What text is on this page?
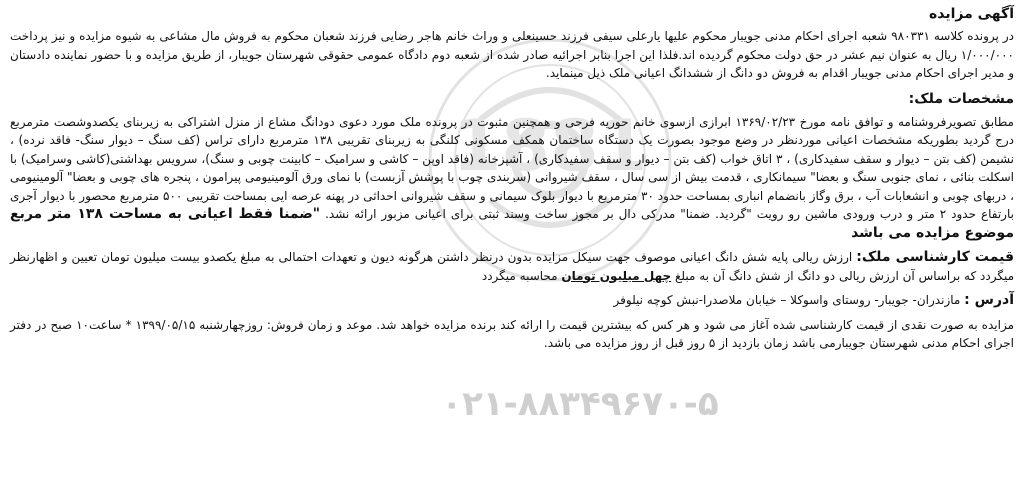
1881
۰۲۱-۸۸۳۴۹۶۷۰-۵
آگهی مزایده

در پرونده کلاسه ۹۸۰۳۳۱ شعبه اجرای احکام مدنی جویبار محکوم علیها یارعلی سیفی فرزند حسینعلی و وراث خانم هاجر رضایی فرزند شعبان محکوم به فروش مال مشاعی به شیوه مزایده و نیز پرداخت ۱/۰۰۰/۰۰۰ ریال به عنوان نیم عشر در حق دولت محکوم گردیده اند.فلذا این اجرا بنابر اجرائیه صادر شده از شعبه دوم دادگاه عمومی حقوقی شهرستان جویبار، از طریق مزایده و با حضور نماینده دادستان و مدیر اجرای احکام مدنی جویبار اقدام به فروش دو دانگ از ششدانگ اعیانی ملک ذیل مینماید.

مشخصات ملک:

مطابق تصویرفروشنامه و توافق نامه مورخ ۱۳۶۹/۰۲/۲۳ ابرازی ازسوی خانم حوریه فرحی و همچنین مثبوت در پرونده ملک مورد دعوی دودانگ مشاع از منزل اشتراکی به زیربنای یکصدوشصت مترمربع درج گردید بطوریکه مشخصات اعیانی موردنظر در وضع موجود بصورت یک دستگاه ساختمان همکف مسکونی کلنگی به زیربنای تقریبی ۱۳۸ مترمربع دارای تراس (کف سنگ – دیوار سنگ- فاقد نرده) ، نشیمن (کف بتن – دیوار و سقف سفیدکاری) ، ۳ اتاق خواب (کف بتن – دیوار و سقف سفیدکاری) ، آشپزخانه (فاقد اوپن – کاشی و سرامیک – کابینت چوبی و سنگ)، سرویس بهداشتی(کاشی وسرامیک) با اسکلت بنائی ، نمای جنوبی سنگ و بعضا" سیمانکاری ، قدمت بیش از سی سال ، سقف شیروانی (سربندی چوب با پوشش آزبست) با نمای ورق آلومینیومی پیرامون ، پنجره های چوبی و بعضا" آلومینیومی ، دربهای چوبی و انشعابات آب ، برق وگاز بانضمام انباری بمساحت حدود ۳۰ مترمربع با دیوار بلوک سیمانی و سقف شیروانی احداثی در پهنه عرصه ایی بمساحت تقریبی ۵۰۰ مترمربع محصور با دیوار آجری بارتفاع حدود ۲ متر و درب ورودی ماشین رو رویت "گردید. ضمنا" مدرکی دال بر مجوز ساخت وسند ثبتی برای اعیانی مزبور ارائه نشد. "ضمنا فقط اعیانی به مساحت ۱۳۸ متر مربع موضوع مزایده می باشد

قیمت کارشناسی ملک: ارزش ریالی پایه شش دانگ اعیانی موصوف جهت سیکل مزایده بدون درنظر داشتن هرگونه دیون و تعهدات احتمالی به مبلغ یکصدو بیست میلیون تومان تعیین و اظهارنظر میگردد که براساس آن ارزش ریالی دو دانگ از شش دانگ آن به مبلغ چهل میلیون تومان محاسبه میگردد

آدرس : مازندران- جویبار- روستای واسوکلا – خیابان ملاصدرا-نبش کوچه نیلوفر

مزایده به صورت نقدی از قیمت کارشناسی شده آغاز می شود و هر کس که بیشترین قیمت را ارائه کند برنده مزایده خواهد شد. موعد و زمان فروش: روزچهارشنبه ۱۳۹۹/۰۵/۱۵ * ساعت۱۰ صبح در دفتر اجرای احکام مدنی شهرستان جویبارمی باشد زمان بازدید از ۵ روز قبل از روز مزایده می باشد.
